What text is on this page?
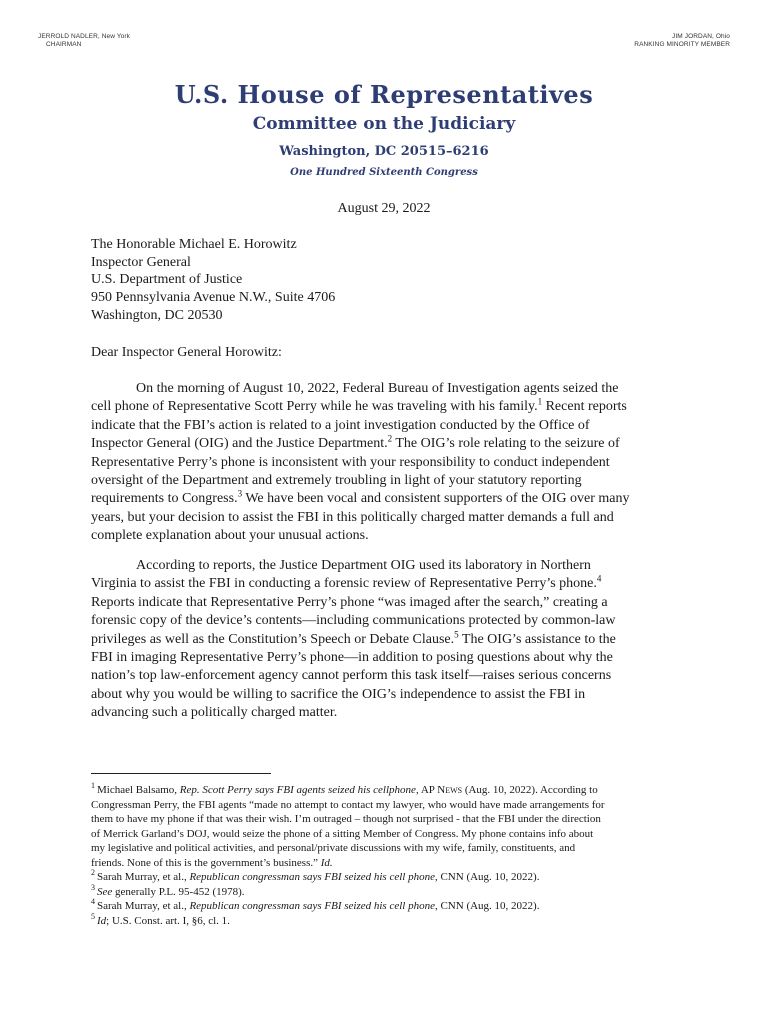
JERROLD NADLER, New York
CHAIRMAN
JIM JORDAN, Ohio
RANKING MINORITY MEMBER
U.S. House of Representatives
Committee on the Judiciary
Washington, DC 20515–6216
One Hundred Sixteenth Congress
August 29, 2022
The Honorable Michael E. Horowitz
Inspector General
U.S. Department of Justice
950 Pennsylvania Avenue N.W., Suite 4706
Washington, DC 20530
Dear Inspector General Horowitz:
On the morning of August 10, 2022, Federal Bureau of Investigation agents seized the
cell phone of Representative Scott Perry while he was traveling with his family.$^1$ Recent reports
indicate that the FBI’s action is related to a joint investigation conducted by the Office of
Inspector General (OIG) and the Justice Department.$^2$ The OIG’s role relating to the seizure of
Representative Perry’s phone is inconsistent with your responsibility to conduct independent
oversight of the Department and extremely troubling in light of your statutory reporting
requirements to Congress.$^3$ We have been vocal and consistent supporters of the OIG over many
years, but your decision to assist the FBI in this politically charged matter demands a full and
complete explanation about your unusual actions.
According to reports, the Justice Department OIG used its laboratory in Northern
Virginia to assist the FBI in conducting a forensic review of Representative Perry’s phone.$^4$
Reports indicate that Representative Perry’s phone “was imaged after the search,” creating a
forensic copy of the device’s contents—including communications protected by common-law
privileges as well as the Constitution’s Speech or Debate Clause.$^5$ The OIG’s assistance to the
FBI in imaging Representative Perry’s phone—in addition to posing questions about why the
nation’s top law-enforcement agency cannot perform this task itself—raises serious concerns
about why you would be willing to sacrifice the OIG’s independence to assist the FBI in
advancing such a politically charged matter.
$^1$ Michael Balsamo, Rep. Scott Perry says FBI agents seized his cellphone, AP News (Aug. 10, 2022). According to
Congressman Perry, the FBI agents “made no attempt to contact my lawyer, who would have made arrangements for
them to have my phone if that was their wish. I’m outraged – though not surprised - that the FBI under the direction
of Merrick Garland’s DOJ, would seize the phone of a sitting Member of Congress. My phone contains info about
my legislative and political activities, and personal/private discussions with my wife, family, constituents, and
friends. None of this is the government’s business.” Id.
$^2$ Sarah Murray, et al., Republican congressman says FBI seized his cell phone, CNN (Aug. 10, 2022).
$^3$ See generally P.L. 95-452 (1978).
$^4$ Sarah Murray, et al., Republican congressman says FBI seized his cell phone, CNN (Aug. 10, 2022).
$^5$ Id; U.S. Const. art. I, §6, cl. 1.
